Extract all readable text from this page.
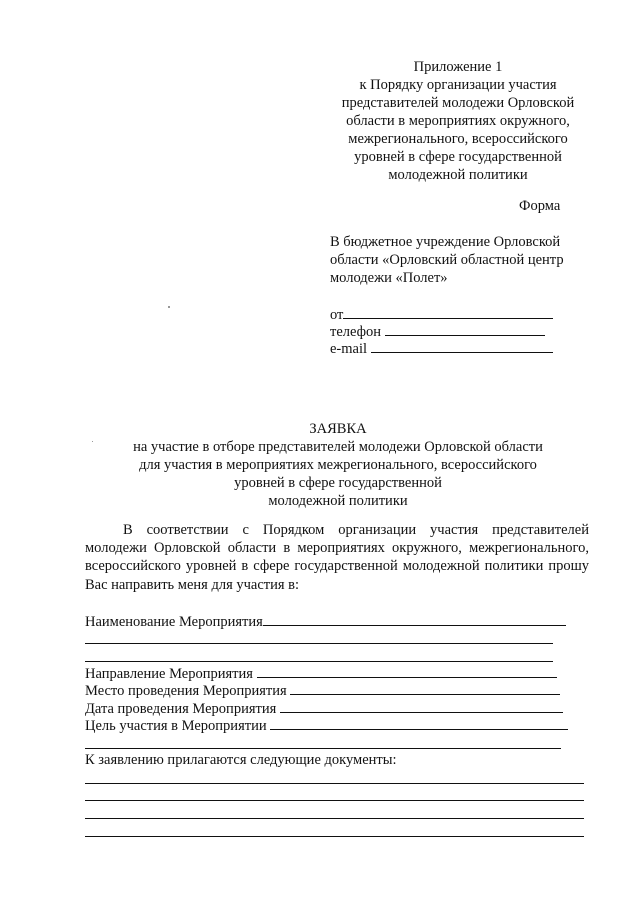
Приложение 1
к Порядку организации участия
представителей молодежи Орловской
области в мероприятиях окружного,
межрегионального, всероссийского
уровней в сфере государственной
молодежной политики
Форма
В бюджетное учреждение Орловской
области «Орловский областной центр
молодежи «Полет»
от
телефон
e-mail
ЗАЯВКА
на участие в отборе представителей молодежи Орловской области
для участия в мероприятиях межрегионального, всероссийского
уровней в сфере государственной
молодежной политики
В соответствии с Порядком организации участия представителей молодежи Орловской области в мероприятиях окружного, межрегионального, всероссийского уровней в сфере государственной молодежной политики прошу Вас направить меня для участия в:
Наименование Мероприятия
Направление Мероприятия
Место проведения Мероприятия
Дата проведения Мероприятия
Цель участия в Мероприятии
К заявлению прилагаются следующие документы:
